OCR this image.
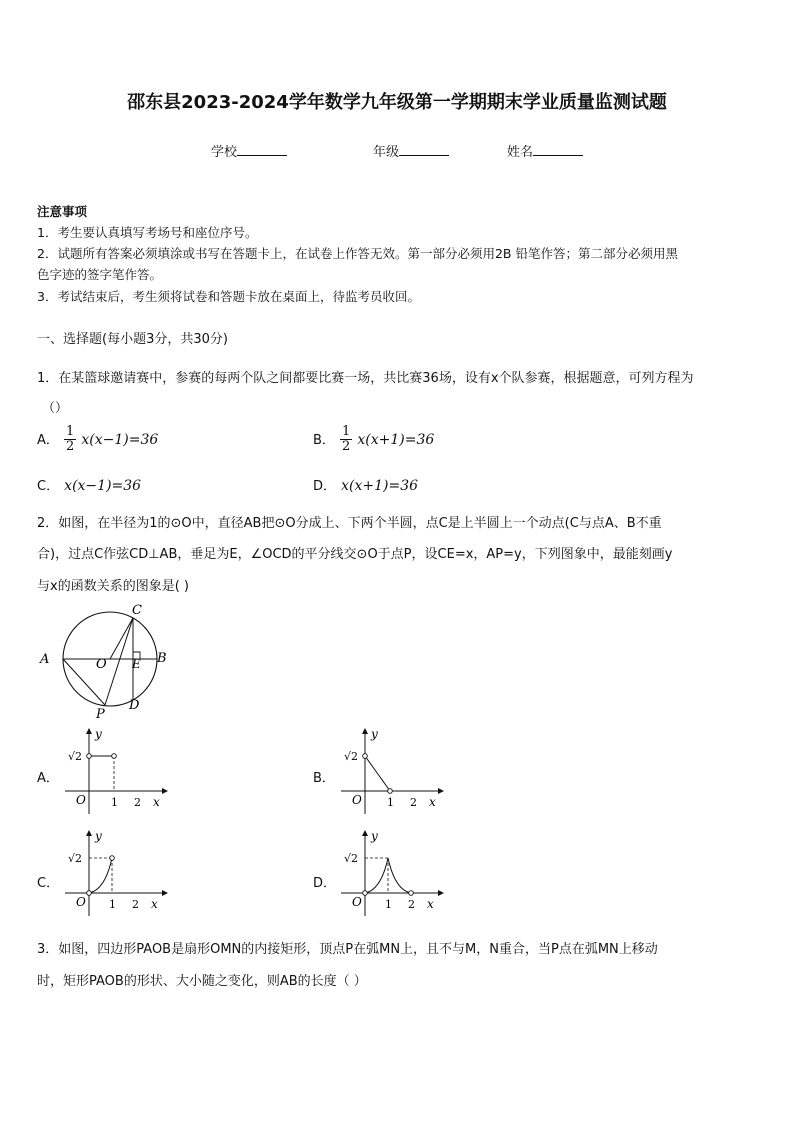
邵东县2023-2024学年数学九年级第一学期期末学业质量监测试题
学校	年级	姓名
注意事项
1．考生要认真填写考场号和座位序号。
2．试题所有答案必须填涂或书写在答题卡上，在试卷上作答无效。第一部分必须用2B 铅笔作答；第二部分必须用黑
色字迹的签字笔作答。
3．考试结束后，考生须将试卷和答题卡放在桌面上，待监考员收回。
一、选择题(每小题3分，共30分)
1．在某篮球邀请赛中，参赛的每两个队之间都要比赛一场，共比赛36场，设有x个队参赛，根据题意，可列方程为
（）
A． $\frac{1}{2} x(x-1)=36$	B． $\frac{1}{2} x(x+1)=36$
C． x(x−1)=36	D． x(x+1)=36
2．如图，在半径为1的⊙O中，直径AB把⊙O分成上、下两个半圆，点C是上半圆上一个动点(C与点A、B不重
合)，过点C作弦CD⊥AB，垂足为E，∠OCD的平分线交⊙O于点P，设CE=x，AP=y，下列图象中，最能刻画y
与x的函数关系的图象是( )
A	B
C
O E
D
P
A．
y
√2
O 1 2 x
B．
y
√2
O 1 2 x
C．
y
√2
O 1 2 x
D．
y
√2
O 1 2 x
3．如图，四边形PAOB是扇形OMN的内接矩形，顶点P在弧MN上，且不与M，N重合，当P点在弧MN上移动
时，矩形PAOB的形状、大小随之变化，则AB的长度（ ）
